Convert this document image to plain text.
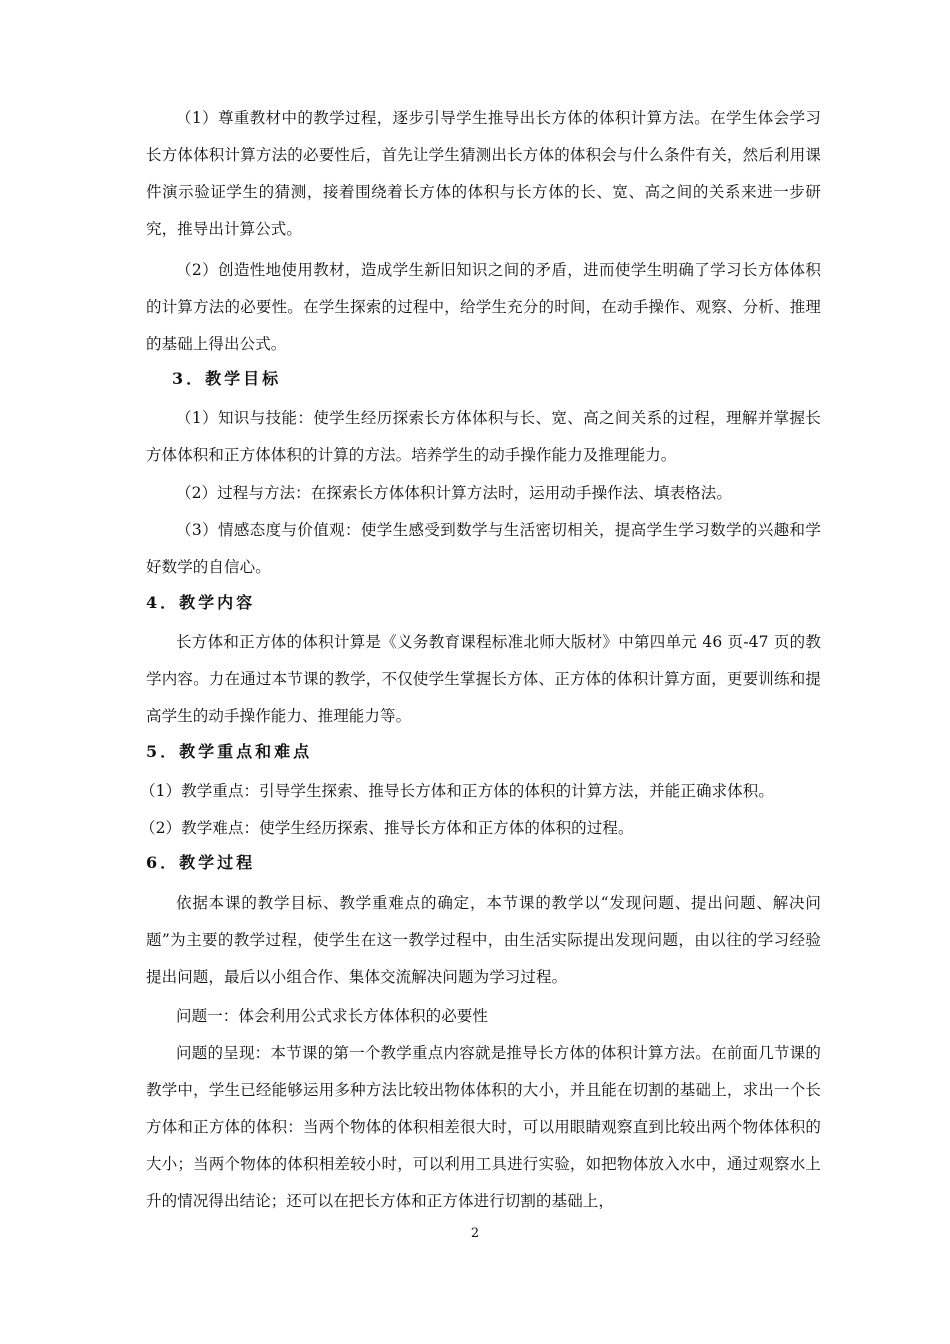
（1）尊重教材中的教学过程，逐步引导学生推导出长方体的体积计算方法。在学生体会学习长方体体积计算方法的必要性后，首先让学生猜测出长方体的体积会与什么条件有关，然后利用课件演示验证学生的猜测，接着围绕着长方体的体积与长方体的长、宽、高之间的关系来进一步研究，推导出计算公式。

（2）创造性地使用教材，造成学生新旧知识之间的矛盾，进而使学生明确了学习长方体体积的计算方法的必要性。在学生探索的过程中，给学生充分的时间，在动手操作、观察、分析、推理的基础上得出公式。

3．教学目标

（1）知识与技能：使学生经历探索长方体体积与长、宽、高之间关系的过程，理解并掌握长方体体积和正方体体积的计算的方法。培养学生的动手操作能力及推理能力。

（2）过程与方法：在探索长方体体积计算方法时，运用动手操作法、填表格法。

（3）情感态度与价值观：使学生感受到数学与生活密切相关，提高学生学习数学的兴趣和学好数学的自信心。

4．教学内容

长方体和正方体的体积计算是《义务教育课程标准北师大版材》中第四单元 46 页-47 页的教学内容。力在通过本节课的教学，不仅使学生掌握长方体、正方体的体积计算方面，更要训练和提高学生的动手操作能力、推理能力等。

5．教学重点和难点

（1）教学重点：引导学生探索、推导长方体和正方体的体积的计算方法，并能正确求体积。

（2）教学难点：使学生经历探索、推导长方体和正方体的体积的过程。

6．教学过程

依据本课的教学目标、教学重难点的确定，本节课的教学以“发现问题、提出问题、解决问题”为主要的教学过程，使学生在这一教学过程中，由生活实际提出发现问题，由以往的学习经验提出问题，最后以小组合作、集体交流解决问题为学习过程。

问题一：体会利用公式求长方体体积的必要性

问题的呈现：本节课的第一个教学重点内容就是推导长方体的体积计算方法。在前面几节课的教学中，学生已经能够运用多种方法比较出物体体积的大小，并且能在切割的基础上，求出一个长方体和正方体的体积：当两个物体的体积相差很大时，可以用眼睛观察直到比较出两个物体体积的大小；当两个物体的体积相差较小时，可以利用工具进行实验，如把物体放入水中，通过观察水上升的情况得出结论；还可以在把长方体和正方体进行切割的基础上，

2
